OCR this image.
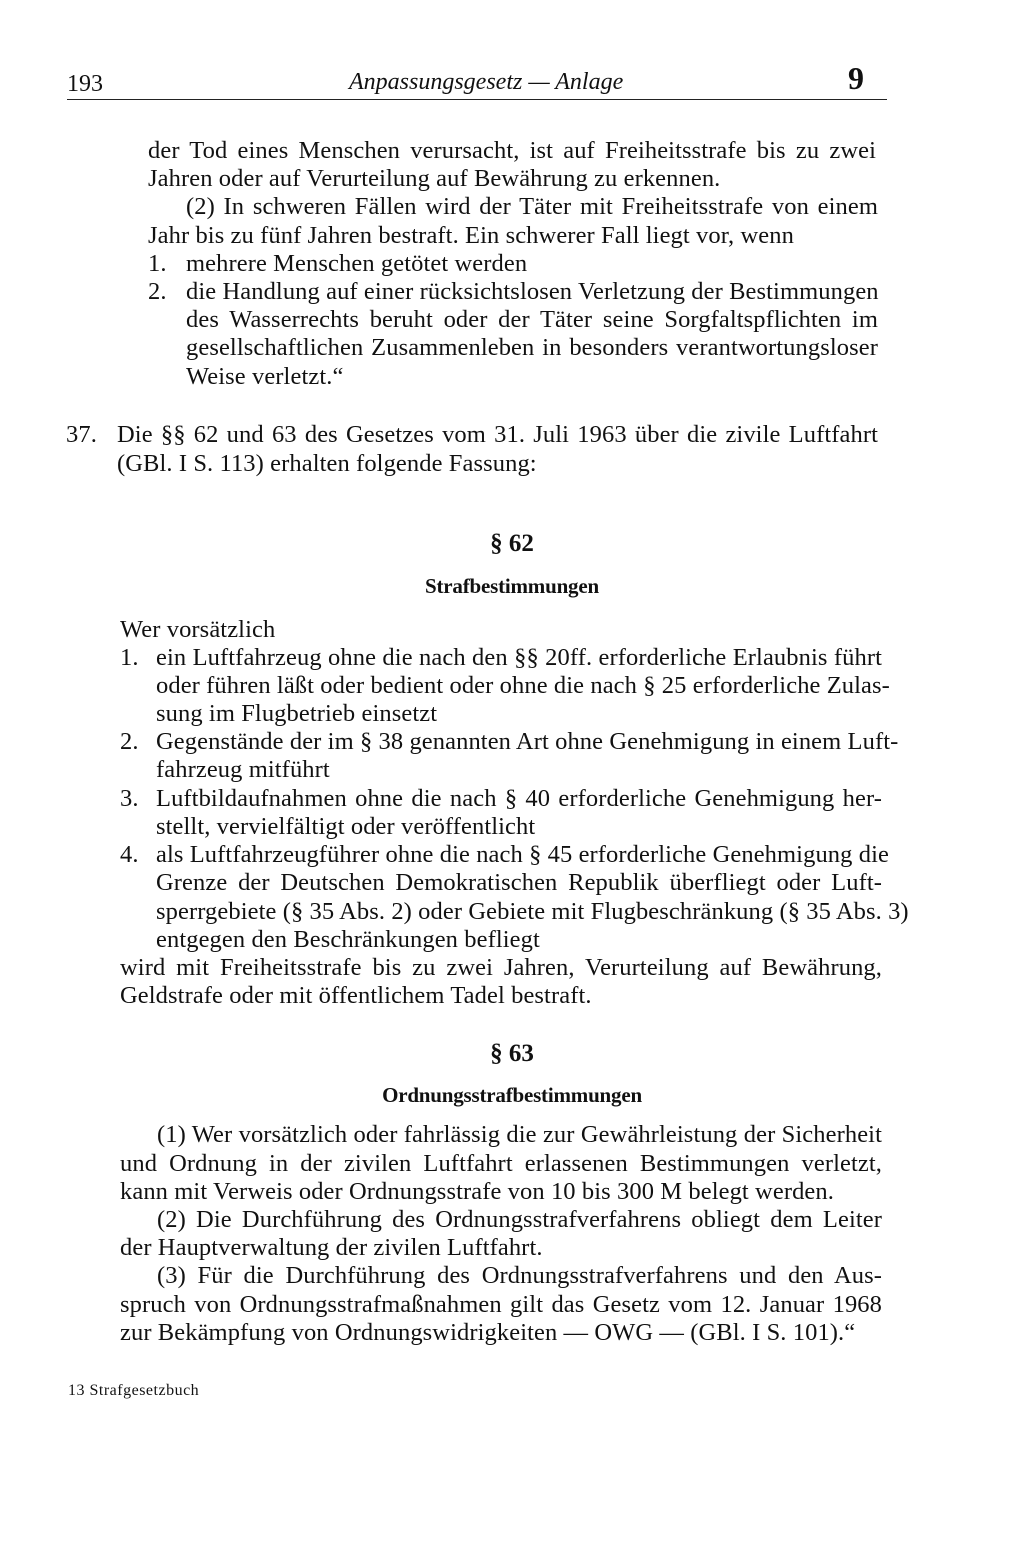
193	Anpassungsgesetz — Anlage	9
der Tod eines Menschen verursacht, ist auf Freiheitsstrafe bis zu zwei
Jahren oder auf Verurteilung auf Bewährung zu erkennen.
(2) In schweren Fällen wird der Täter mit Freiheitsstrafe von einem
Jahr bis zu fünf Jahren bestraft. Ein schwerer Fall liegt vor, wenn
1. mehrere Menschen getötet werden
2. die Handlung auf einer rücksichtslosen Verletzung der Bestimmungen
des Wasserrechts beruht oder der Täter seine Sorgfaltspflichten im
gesellschaftlichen Zusammenleben in besonders verantwortungsloser
Weise verletzt.“
37. Die §§ 62 und 63 des Gesetzes vom 31. Juli 1963 über die zivile Luftfahrt
(GBl. I S. 113) erhalten folgende Fassung:
§ 62
Strafbestimmungen
Wer vorsätzlich
1. ein Luftfahrzeug ohne die nach den §§ 20ff. erforderliche Erlaubnis führt
oder führen läßt oder bedient oder ohne die nach § 25 erforderliche Zulas-
sung im Flugbetrieb einsetzt
2. Gegenstände der im § 38 genannten Art ohne Genehmigung in einem Luft-
fahrzeug mitführt
3. Luftbildaufnahmen ohne die nach § 40 erforderliche Genehmigung her-
stellt, vervielfältigt oder veröffentlicht
4. als Luftfahrzeugführer ohne die nach § 45 erforderliche Genehmigung die
Grenze der Deutschen Demokratischen Republik überfliegt oder Luft-
sperrgebiete (§ 35 Abs. 2) oder Gebiete mit Flugbeschränkung (§ 35 Abs. 3)
entgegen den Beschränkungen befliegt
wird mit Freiheitsstrafe bis zu zwei Jahren, Verurteilung auf Bewährung,
Geldstrafe oder mit öffentlichem Tadel bestraft.
§ 63
Ordnungsstrafbestimmungen
(1) Wer vorsätzlich oder fahrlässig die zur Gewährleistung der Sicherheit
und Ordnung in der zivilen Luftfahrt erlassenen Bestimmungen verletzt,
kann mit Verweis oder Ordnungsstrafe von 10 bis 300 M belegt werden.
(2) Die Durchführung des Ordnungsstrafverfahrens obliegt dem Leiter
der Hauptverwaltung der zivilen Luftfahrt.
(3) Für die Durchführung des Ordnungsstrafverfahrens und den Aus-
spruch von Ordnungsstrafmaßnahmen gilt das Gesetz vom 12. Januar 1968
zur Bekämpfung von Ordnungswidrigkeiten — OWG — (GBl. I S. 101).“
13 Strafgesetzbuch
